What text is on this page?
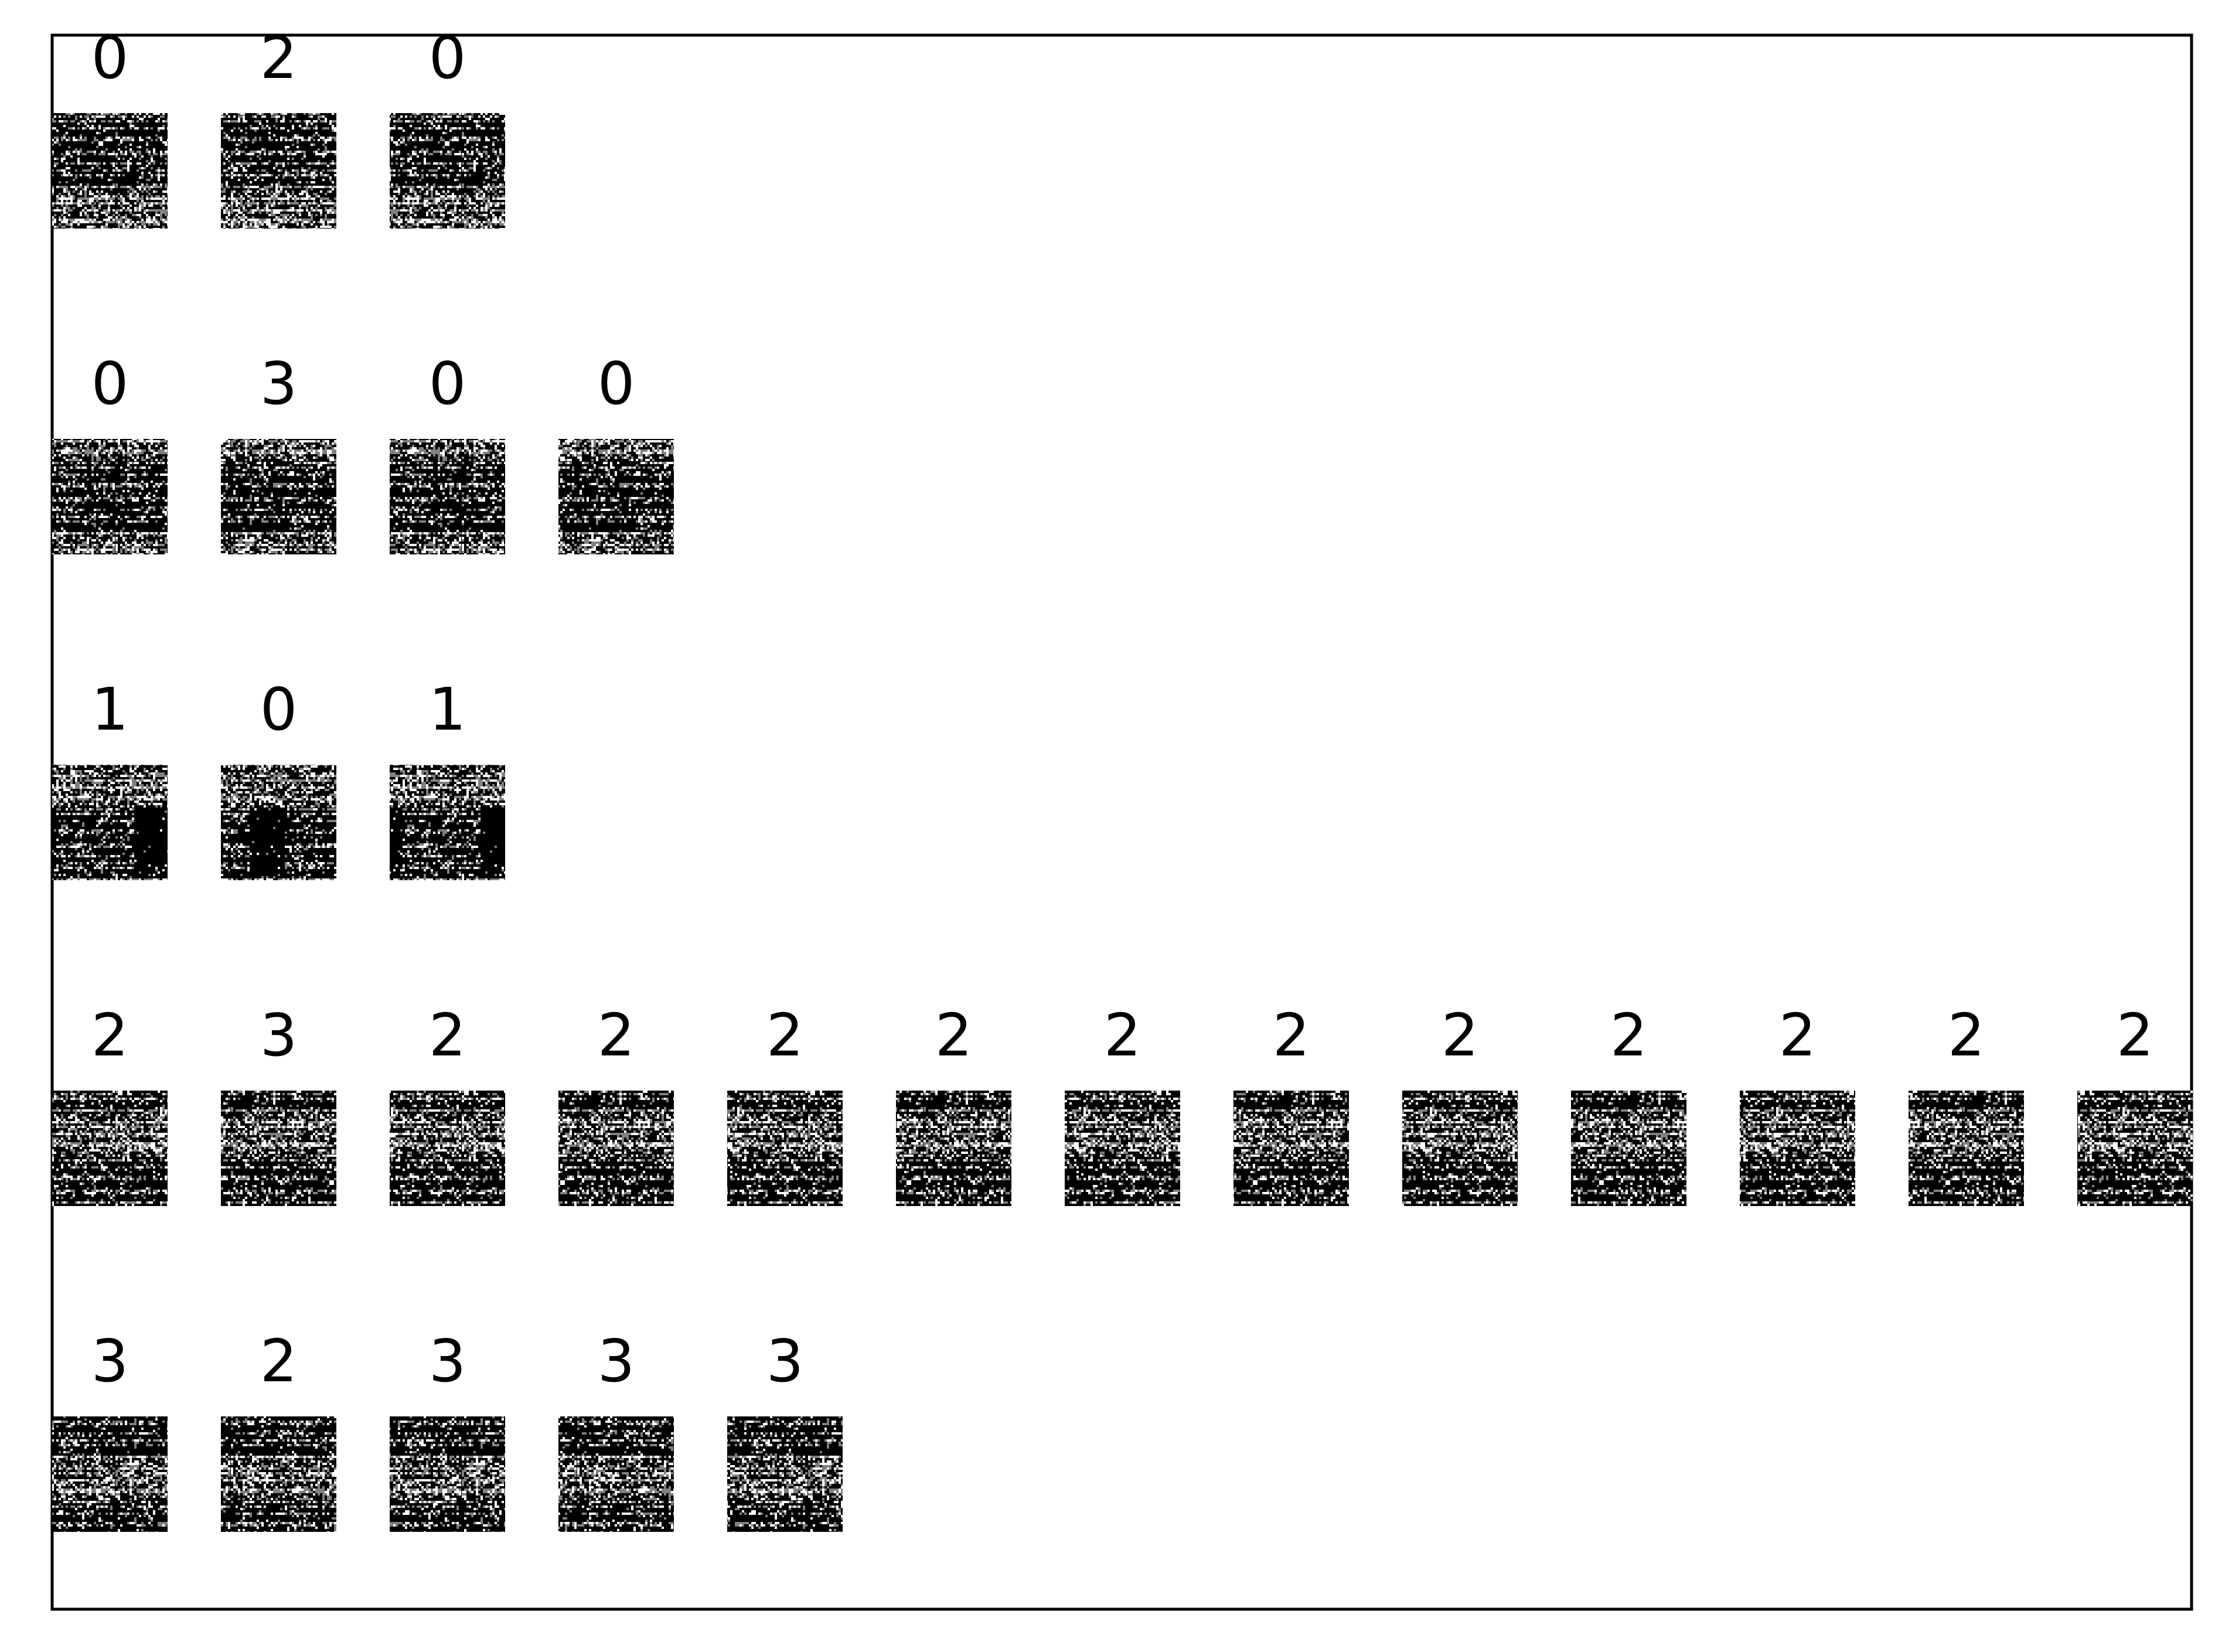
0 2 0
0 3 0 0
1 0 1
2 3 2 2 2 2 2 2 2 2 2 2 2
3 2 3 3 3
